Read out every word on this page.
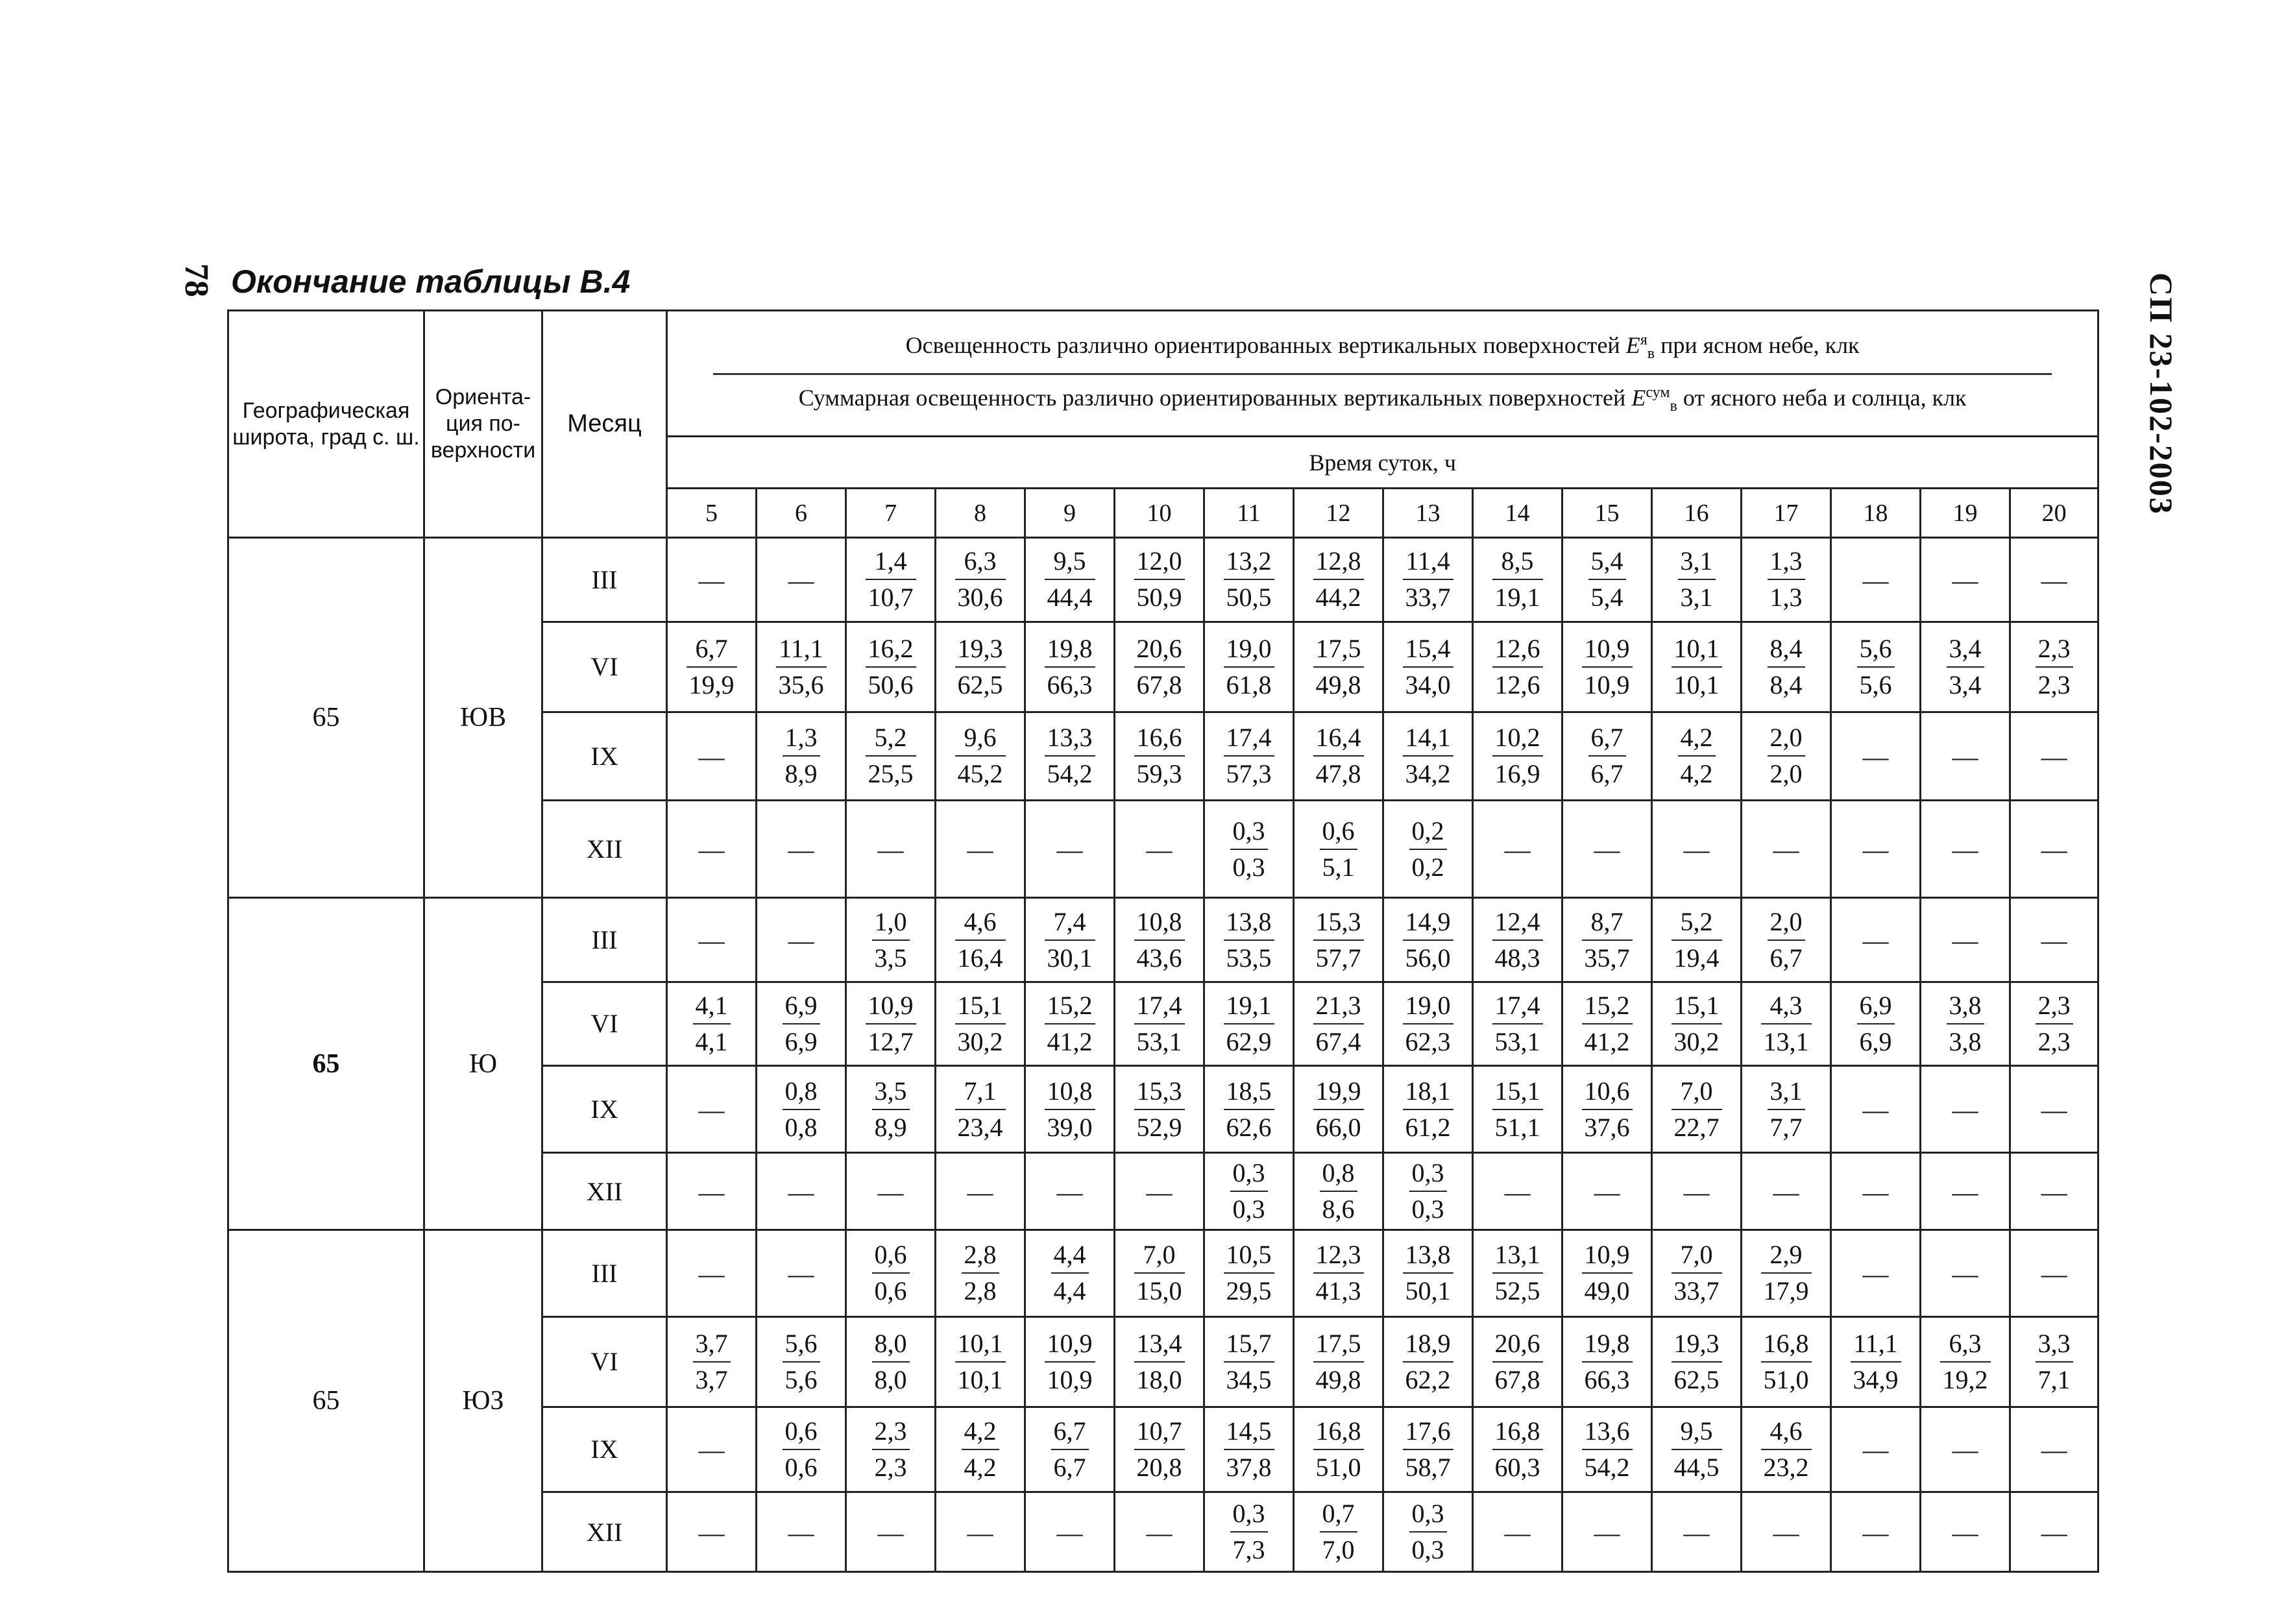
78 Окончание таблицы В.4	СП 23-102-2003
Географическая широта, град с. ш.	Ориента-ция по-верхности	Месяц	Освещенность различно ориентированных вертикальных поверхностей $E^я_в$ при ясном небе, клк
Суммарная освещенность различно ориентированных вертикальных поверхностей $E^{сум}_в$ от ясного неба и солнца, клк															

			Время суток, ч															
			5	6	7	8	9	10	11	12	13	14	15	16	17	18	19	20
65	ЮВ	III	—	—	$\frac{1,4}{10,7}$	$\frac{6,3}{30,6}$	$\frac{9,5}{44,4}$	$\frac{12,0}{50,9}$	$\frac{13,2}{50,5}$	$\frac{12,8}{44,2}$	$\frac{11,4}{33,7}$	$\frac{8,5}{19,1}$	$\frac{5,4}{5,4}$	$\frac{3,1}{3,1}$	$\frac{1,3}{1,3}$	—	—	—
		VI	$\frac{6,7}{19,9}$	$\frac{11,1}{35,6}$	$\frac{16,2}{50,6}$	$\frac{19,3}{62,5}$	$\frac{19,8}{66,3}$	$\frac{20,6}{67,8}$	$\frac{19,0}{61,8}$	$\frac{17,5}{49,8}$	$\frac{15,4}{34,0}$	$\frac{12,6}{12,6}$	$\frac{10,9}{10,9}$	$\frac{10,1}{10,1}$	$\frac{8,4}{8,4}$	$\frac{5,6}{5,6}$	$\frac{3,4}{3,4}$	$\frac{2,3}{2,3}$

		IX	—	$\frac{1,3}{8,9}$	$\frac{5,2}{25,5}$	$\frac{9,6}{45,2}$	$\frac{13,3}{54,2}$	$\frac{16,6}{59,3}$	$\frac{17,4}{57,3}$	$\frac{16,4}{47,8}$	$\frac{14,1}{34,2}$	$\frac{10,2}{16,9}$	$\frac{6,7}{6,7}$	$\frac{4,2}{4,2}$	$\frac{2,0}{2,0}$	—	—	—
		XII	—	—	—	—	—	—	$\frac{0,3}{0,3}$	$\frac{0,6}{5,1}$	$\frac{0,2}{0,2}$	—	—	—	—	—	—	—
65	Ю	III	—	—	$\frac{1,0}{3,5}$	$\frac{4,6}{16,4}$	$\frac{7,4}{30,1}$	$\frac{10,8}{43,6}$	$\frac{13,8}{53,5}$	$\frac{15,3}{57,7}$	$\frac{14,9}{56,0}$	$\frac{12,4}{48,3}$	$\frac{8,7}{35,7}$	$\frac{5,2}{19,4}$	$\frac{2,0}{6,7}$	—	—	—
		VI	$\frac{4,1}{4,1}$	$\frac{6,9}{6,9}$	$\frac{10,9}{12,7}$	$\frac{15,1}{30,2}$	$\frac{15,2}{41,2}$	$\frac{17,4}{53,1}$	$\frac{19,1}{62,9}$	$\frac{21,3}{67,4}$	$\frac{19,0}{62,3}$	$\frac{17,4}{53,1}$	$\frac{15,2}{41,2}$	$\frac{15,1}{30,2}$	$\frac{4,3}{13,1}$	$\frac{6,9}{6,9}$	$\frac{3,8}{3,8}$	$\frac{2,3}{2,3}$

		IX	—	$\frac{0,8}{0,8}$	$\frac{3,5}{8,9}$	$\frac{7,1}{23,4}$	$\frac{10,8}{39,0}$	$\frac{15,3}{52,9}$	$\frac{18,5}{62,6}$	$\frac{19,9}{66,0}$	$\frac{18,1}{61,2}$	$\frac{15,1}{51,1}$	$\frac{10,6}{37,6}$	$\frac{7,0}{22,7}$	$\frac{3,1}{7,7}$	—	—	—
		XII	—	—	—	—	—	—	$\frac{0,3}{0,3}$	$\frac{0,8}{8,6}$	$\frac{0,3}{0,3}$	—	—	—	—	—	—	—
65	ЮЗ	III	—	—	$\frac{0,6}{0,6}$	$\frac{2,8}{2,8}$	$\frac{4,4}{4,4}$	$\frac{7,0}{15,0}$	$\frac{10,5}{29,5}$	$\frac{12,3}{41,3}$	$\frac{13,8}{50,1}$	$\frac{13,1}{52,5}$	$\frac{10,9}{49,0}$	$\frac{7,0}{33,7}$	$\frac{2,9}{17,9}$	—	—	—
		VI	$\frac{3,7}{3,7}$	$\frac{5,6}{5,6}$	$\frac{8,0}{8,0}$	$\frac{10,1}{10,1}$	$\frac{10,9}{10,9}$	$\frac{13,4}{18,0}$	$\frac{15,7}{34,5}$	$\frac{17,5}{49,8}$	$\frac{18,9}{62,2}$	$\frac{20,6}{67,8}$	$\frac{19,8}{66,3}$	$\frac{19,3}{62,5}$	$\frac{16,8}{51,0}$	$\frac{11,1}{34,9}$	$\frac{6,3}{19,2}$	$\frac{3,3}{7,1}$

		IX	—	$\frac{0,6}{0,6}$	$\frac{2,3}{2,3}$	$\frac{4,2}{4,2}$	$\frac{6,7}{6,7}$	$\frac{10,7}{20,8}$	$\frac{14,5}{37,8}$	$\frac{16,8}{51,0}$	$\frac{17,6}{58,7}$	$\frac{16,8}{60,3}$	$\frac{13,6}{54,2}$	$\frac{9,5}{44,5}$	$\frac{4,6}{23,2}$	—	—	—
		XII	—	—	—	—	—	—	$\frac{0,3}{7,3}$	$\frac{0,7}{7,0}$	$\frac{0,3}{0,3}$	—	—	—	—	—	—	—
